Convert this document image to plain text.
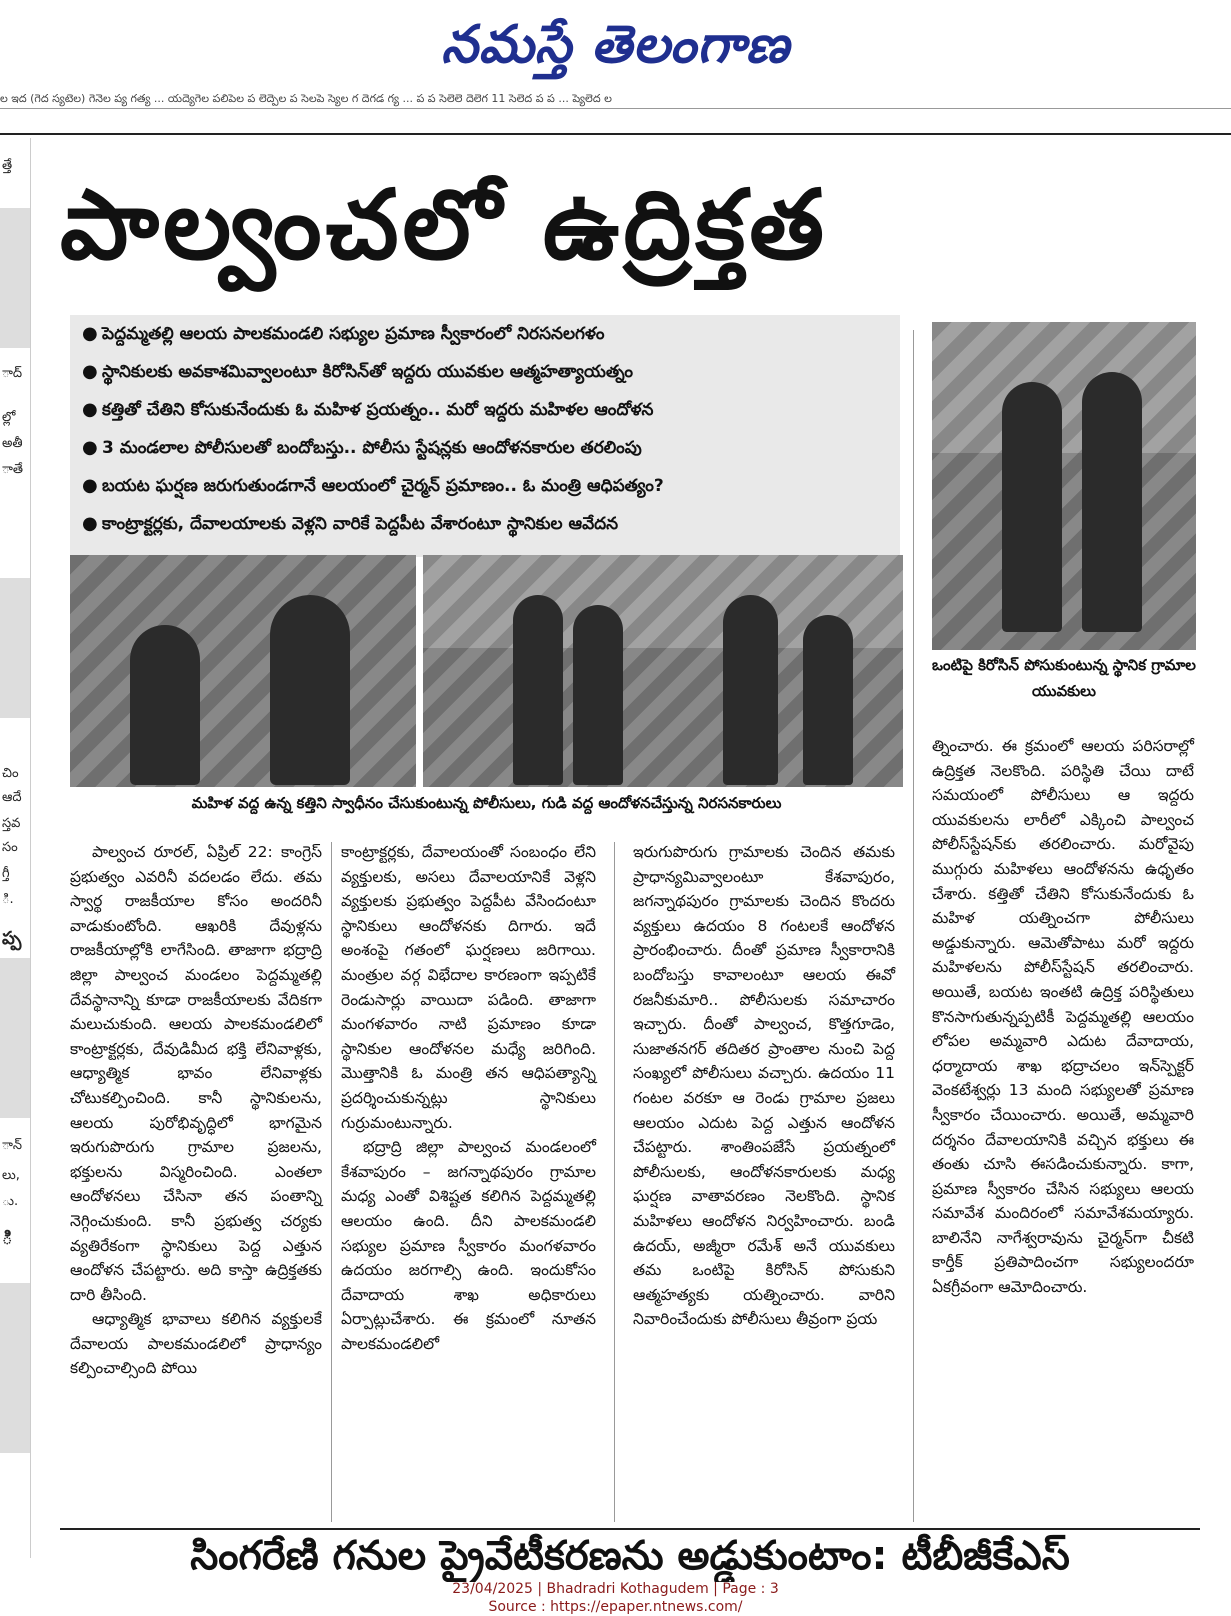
నమస్తే తెలంగాణ
ల ఇద (గెద స్యటెల) గెనెల ప్య గత్య ... యద్యెగెల పలిపెల ప లెద్పెల ప సెలపె స్యెల గ దెగడ గ్య ... ప ప సెలెలె దెలెగ 11 సెలెద ప ప ... ప్యెలెద ల
త్తే
ాద్
ల్లో
అతీ
ాతే
చిం
ఆదే
స్తవ
సం
గ్తీ
ి.
ప్ప
ాన్
లు,
ు.
ి
పాల్వంచలో ఉద్రిక్తత
● పెద్దమ్మతల్లి ఆలయ పాలకమండలి సభ్యుల ప్రమాణ స్వీకారంలో నిరసనలగళం
● స్థానికులకు అవకాశమివ్వాలంటూ కిరోసిన్‌తో ఇద్దరు యువకుల ఆత్మహత్యాయత్నం
● కత్తితో చేతిని కోసుకునేందుకు ఓ మహిళ ప్రయత్నం.. మరో ఇద్దరు మహిళల ఆందోళన
● 3 మండలాల పోలీసులతో బందోబస్తు.. పోలీసు స్టేషన్లకు ఆందోళనకారుల తరలింపు
● బయట ఘర్షణ జరుగుతుండగానే ఆలయంలో చైర్మన్ ప్రమాణం.. ఓ మంత్రి ఆధిపత్యం?
● కాంట్రాక్టర్లకు, దేవాలయాలకు వెళ్లని వారికే పెద్దపీట వేశారంటూ స్థానికుల ఆవేదన
ఒంటిపై కిరోసిన్ పోసుకుంటున్న స్థానిక గ్రామాల యువకులు
మహిళ వద్ద ఉన్న కత్తిని స్వాధీనం చేసుకుంటున్న పోలీసులు, గుడి వద్ద ఆందోళనచేస్తున్న నిరసనకారులు

పాల్వంచ రూరల్, ఏప్రిల్ 22: కాంగ్రెస్ ప్రభుత్వం ఎవరినీ వదలడం లేదు. తమ స్వార్థ రాజకీయాల కోసం అందరినీ వాడుకుంటోంది. ఆఖరికి దేవుళ్లను రాజకీయాల్లోకి లాగేసింది. తాజాగా భద్రాద్రి జిల్లా పాల్వంచ మండలం పెద్దమ్మతల్లి దేవస్థానాన్ని కూడా రాజకీయాలకు వేదికగా మలుచుకుంది. ఆలయ పాలకమండలిలో కాంట్రాక్టర్లకు, దేవుడిమీద భక్తి లేనివాళ్లకు, ఆధ్యాత్మిక భావం లేనివాళ్లకు చోటుకల్పించింది. కానీ స్థానికులను, ఆలయ పురోభివృద్ధిలో భాగమైన ఇరుగుపొరుగు గ్రామాల ప్రజలను, భక్తులను విస్మరించింది. ఎంతలా ఆందోళనలు చేసినా తన పంతాన్ని నెగ్గించుకుంది. కానీ ప్రభుత్వ చర్యకు వ్యతిరేకంగా స్థానికులు పెద్ద ఎత్తున ఆందోళన చేపట్టారు. అది కాస్తా ఉద్రిక్తతకు దారి తీసింది.

ఆధ్యాత్మిక భావాలు కలిగిన వ్యక్తులకే దేవాలయ పాలకమండలిలో ప్రాధాన్యం కల్పించాల్సింది పోయి

కాంట్రాక్టర్లకు, దేవాలయంతో సంబంధం లేని వ్యక్తులకు, అసలు దేవాలయానికే వెళ్లని వ్యక్తులకు ప్రభుత్వం పెద్దపీట వేసిందంటూ స్థానికులు ఆందోళనకు దిగారు. ఇదే అంశంపై గతంలో ఘర్షణలు జరిగాయి. మంత్రుల వర్గ విభేదాల కారణంగా ఇప్పటికే రెండుసార్లు వాయిదా పడింది. తాజాగా మంగళవారం నాటి ప్రమాణం కూడా స్థానికుల ఆందోళనల మధ్యే జరిగింది. మొత్తానికి ఓ మంత్రి తన ఆధిపత్యాన్ని ప్రదర్శించుకున్నట్లు స్థానికులు గుర్రుమంటున్నారు.

భద్రాద్రి జిల్లా పాల్వంచ మండలంలో కేశవాపురం – జగన్నాథపురం గ్రామాల మధ్య ఎంతో విశిష్టత కలిగిన పెద్దమ్మతల్లి ఆలయం ఉంది. దీని పాలకమండలి సభ్యుల ప్రమాణ స్వీకారం మంగళవారం ఉదయం జరగాల్సి ఉంది. ఇందుకోసం దేవాదాయ శాఖ అధికారులు ఏర్పాట్లుచేశారు. ఈ క్రమంలో నూతన పాలకమండలిలో

ఇరుగుపొరుగు గ్రామాలకు చెందిన తమకు ప్రాధాన్యమివ్వాలంటూ కేశవాపురం, జగన్నాథపురం గ్రామాలకు చెందిన కొందరు వ్యక్తులు ఉదయం 8 గంటలకే ఆందోళన ప్రారంభించారు. దీంతో ప్రమాణ స్వీకారానికి బందోబస్తు కావాలంటూ ఆలయ ఈవో రజనీకుమారి.. పోలీసులకు సమాచారం ఇచ్చారు. దీంతో పాల్వంచ, కొత్తగూడెం, సుజాతనగర్ తదితర ప్రాంతాల నుంచి పెద్ద సంఖ్యలో పోలీసులు వచ్చారు. ఉదయం 11 గంటల వరకూ ఆ రెండు గ్రామాల ప్రజలు ఆలయం ఎదుట పెద్ద ఎత్తున ఆందోళన చేపట్టారు. శాంతింపజేసే ప్రయత్నంలో పోలీసులకు, ఆందోళనకారులకు మధ్య ఘర్షణ వాతావరణం నెలకొంది. స్థానిక మహిళలు ఆందోళన నిర్వహించారు. బండి ఉదయ్, అజ్మీరా రమేశ్ అనే యువకులు తమ ఒంటిపై కిరోసిన్ పోసుకుని ఆత్మహత్యకు యత్నించారు. వారిని నివారించేందుకు పోలీసులు తీవ్రంగా ప్రయ

త్నించారు. ఈ క్రమంలో ఆలయ పరిసరాల్లో ఉద్రిక్తత నెలకొంది. పరిస్థితి చేయి దాటే సమయంలో పోలీసులు ఆ ఇద్దరు యువకులను లారీలో ఎక్కించి పాల్వంచ పోలీస్‌స్టేషన్‌కు తరలించారు. మరోవైపు ముగ్గురు మహిళలు ఆందోళనను ఉధృతం చేశారు. కత్తితో చేతిని కోసుకునేందుకు ఓ మహిళ యత్నించగా పోలీసులు అడ్డుకున్నారు. ఆమెతోపాటు మరో ఇద్దరు మహిళలను పోలీస్‌స్టేషన్ తరలించారు. అయితే, బయట ఇంతటి ఉద్రిక్త పరిస్థితులు కొనసాగుతున్నప్పటికీ పెద్దమ్మతల్లి ఆలయం లోపల అమ్మవారి ఎదుట దేవాదాయ, ధర్మాదాయ శాఖ భద్రాచలం ఇన్‌స్పెక్టర్ వెంకటేశ్వర్లు 13 మంది సభ్యులతో ప్రమాణ స్వీకారం చేయించారు. అయితే, అమ్మవారి దర్శనం దేవాలయానికి వచ్చిన భక్తులు ఈ తంతు చూసి ఈసడించుకున్నారు. కాగా, ప్రమాణ స్వీకారం చేసిన సభ్యులు ఆలయ సమావేశ మందిరంలో సమావేశమయ్యారు. బాలినేని నాగేశ్వరావును చైర్మన్‌గా చీకటి కార్తీక్ ప్రతిపాదించగా సభ్యులందరూ ఏకగ్రీవంగా ఆమోదించారు.
సింగరేణి గనుల ప్రైవేటీకరణను అడ్డుకుంటాం: టీబీజీకేఎస్
23/04/2025 | Bhadradri Kothagudem | Page : 3
Source : https://epaper.ntnews.com/
